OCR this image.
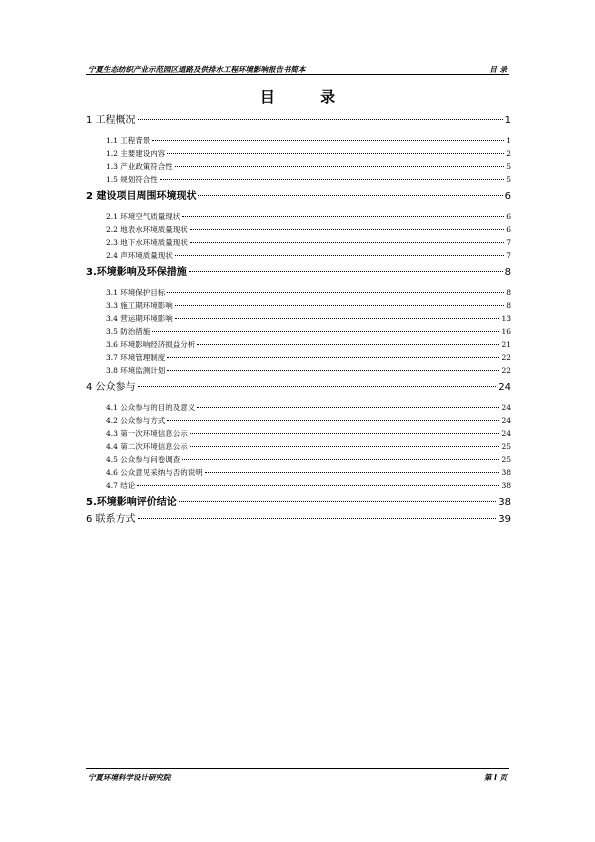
宁夏生态纺织产业示范园区道路及供排水工程环境影响报告书简本	目 录
目 录
1 工程概况	1
1.1 工程背景	1
1.2 主要建设内容	2
1.3 产业政策符合性	5
1.5 规划符合性	5
2 建设项目周围环境现状	6
2.1 环境空气质量现状	6
2.2 地表水环境质量现状	6
2.3 地下水环境质量现状	7
2.4 声环境质量现状	7
3.环境影响及环保措施	8
3.1 环境保护目标	8
3.3 施工期环境影响	8
3.4 营运期环境影响	13
3.5 防治措施	16
3.6 环境影响经济损益分析	21
3.7 环境管理制度	22
3.8 环境监测计划	22
4 公众参与	24
4.1 公众参与的目的及意义	24
4.2 公众参与方式	24
4.3 第一次环境信息公示	24
4.4 第二次环境信息公示	25
4.5 公众参与问卷调查	25
4.6 公众意见采纳与否的说明	38
4.7 结论	38
5.环境影响评价结论	38
6 联系方式	39
宁夏环境科学设计研究院	第 I 页
